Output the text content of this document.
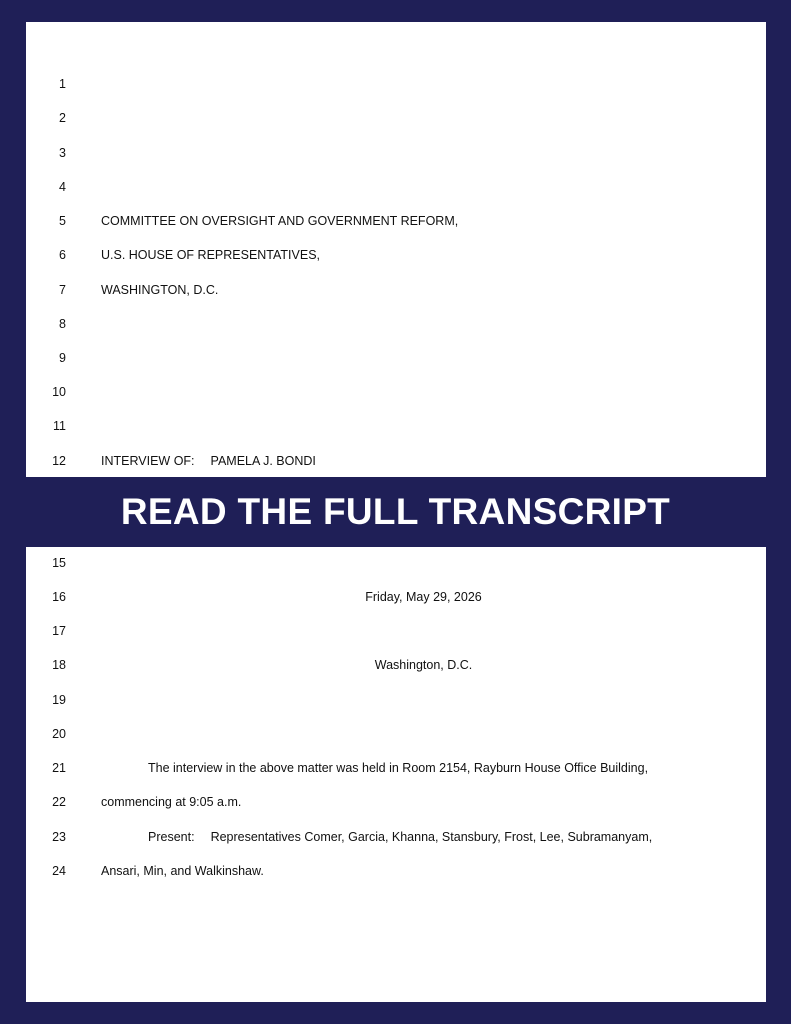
1
2
3
4
5	COMMITTEE ON OVERSIGHT AND GOVERNMENT REFORM,
6	U.S. HOUSE OF REPRESENTATIVES,
7	WASHINGTON, D.C.
8
9
10
11
12	INTERVIEW OF: PAMELA J. BONDI
READ THE FULL TRANSCRIPT
15
16	Friday, May 29, 2026
17
18	Washington, D.C.
19
20
21	The interview in the above matter was held in Room 2154, Rayburn House Office Building,
22	commencing at 9:05 a.m.
23	Present: Representatives Comer, Garcia, Khanna, Stansbury, Frost, Lee, Subramanyam,
24	Ansari, Min, and Walkinshaw.
